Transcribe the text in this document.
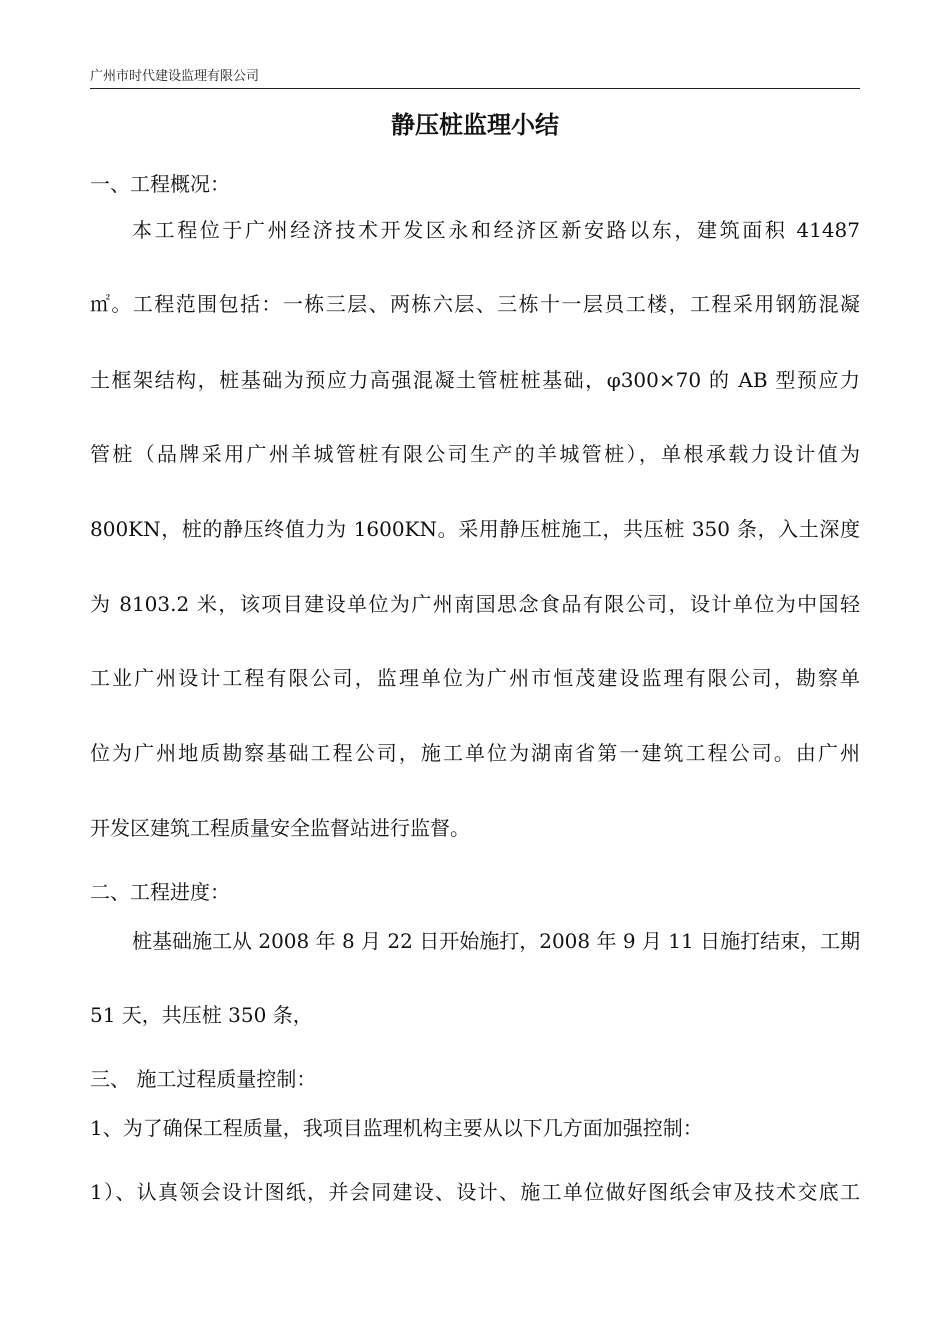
广州市时代建设监理有限公司
静压桩监理小结
一、工程概况：
本工程位于广州经济技术开发区永和经济区新安路以东，建筑面积 41487
㎡。工程范围包括：一栋三层、两栋六层、三栋十一层员工楼，工程采用钢筋混凝
土框架结构，桩基础为预应力高强混凝土管桩桩基础，φ300×70 的 AB 型预应力
管桩（品牌采用广州羊城管桩有限公司生产的羊城管桩），单根承载力设计值为
800KN，桩的静压终值力为 1600KN。采用静压桩施工，共压桩 350 条，入土深度
为 8103.2 米，该项目建设单位为广州南国思念食品有限公司，设计单位为中国轻
工业广州设计工程有限公司，监理单位为广州市恒茂建设监理有限公司，勘察单
位为广州地质勘察基础工程公司，施工单位为湖南省第一建筑工程公司。由广州
开发区建筑工程质量安全监督站进行监督。
二、工程进度：
桩基础施工从 2008 年 8 月 22 日开始施打，2008 年 9 月 11 日施打结束，工期
51 天，共压桩 350 条，
三、 施工过程质量控制：
1、为了确保工程质量，我项目监理机构主要从以下几方面加强控制：
1）、认真领会设计图纸，并会同建设、设计、施工单位做好图纸会审及技术交底工
